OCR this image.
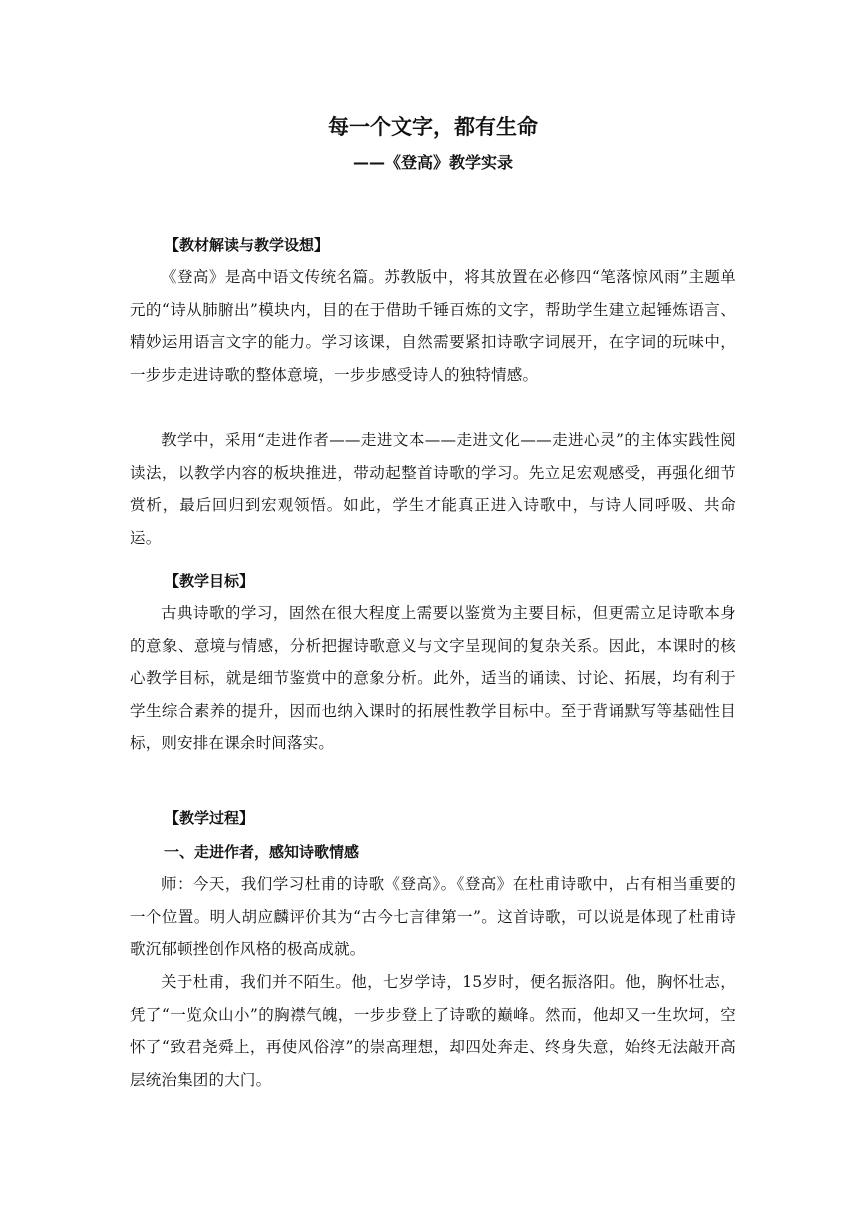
每一个文字，都有生命
——《登高》教学实录
【教材解读与教学设想】
《登高》是高中语文传统名篇。苏教版中，将其放置在必修四“笔落惊风雨”主题单元的“诗从肺腑出”模块内，目的在于借助千锤百炼的文字，帮助学生建立起锤炼语言、精妙运用语言文字的能力。学习该课，自然需要紧扣诗歌字词展开，在字词的玩味中，一步步走进诗歌的整体意境，一步步感受诗人的独特情感。
教学中，采用“走进作者——走进文本——走进文化——走进心灵”的主体实践性阅读法，以教学内容的板块推进，带动起整首诗歌的学习。先立足宏观感受，再强化细节赏析，最后回归到宏观领悟。如此，学生才能真正进入诗歌中，与诗人同呼吸、共命运。
【教学目标】
古典诗歌的学习，固然在很大程度上需要以鉴赏为主要目标，但更需立足诗歌本身的意象、意境与情感，分析把握诗歌意义与文字呈现间的复杂关系。因此，本课时的核心教学目标，就是细节鉴赏中的意象分析。此外，适当的诵读、讨论、拓展，均有利于学生综合素养的提升，因而也纳入课时的拓展性教学目标中。至于背诵默写等基础性目标，则安排在课余时间落实。
【教学过程】
一、走进作者，感知诗歌情感
师：今天，我们学习杜甫的诗歌《登高》。《登高》在杜甫诗歌中，占有相当重要的一个位置。明人胡应麟评价其为“古今七言律第一”。这首诗歌，可以说是体现了杜甫诗歌沉郁顿挫创作风格的极高成就。
关于杜甫，我们并不陌生。他，七岁学诗，15岁时，便名振洛阳。他，胸怀壮志，凭了“一览众山小”的胸襟气魄，一步步登上了诗歌的巅峰。然而，他却又一生坎坷，空怀了“致君尧舜上，再使风俗淳”的崇高理想，却四处奔走、终身失意，始终无法敲开高层统治集团的大门。
